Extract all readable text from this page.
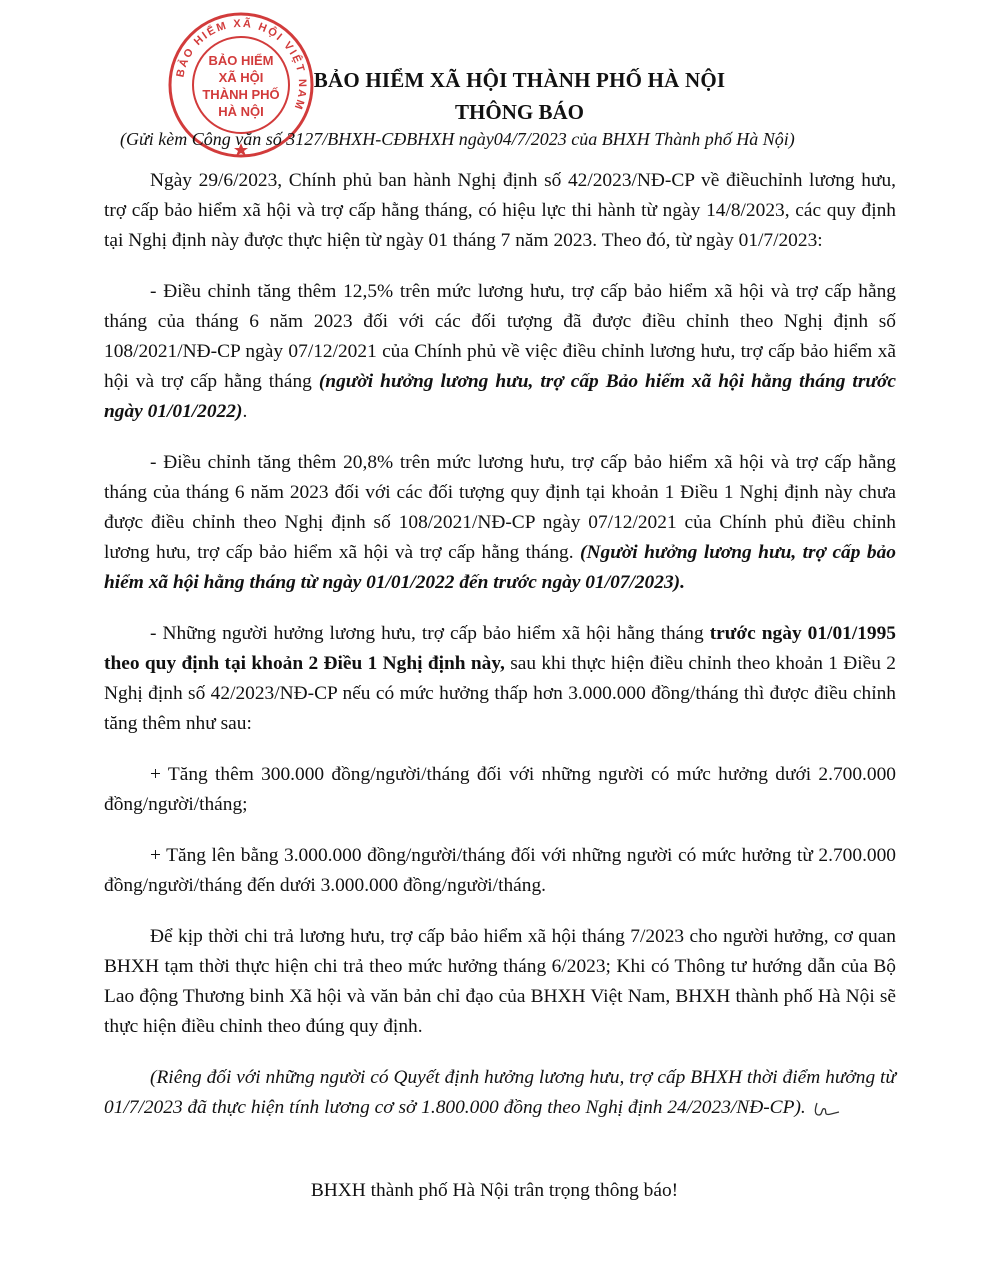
BẢO HIỂM XÃ HỘI VIỆT NAM
BẢO HIỂM
XÃ HỘI
THÀNH PHỐ
HÀ NỘI
BẢO HIỂM XÃ HỘI THÀNH PHỐ HÀ NỘI
THÔNG BÁO
(Gửi kèm Công văn số 3127/BHXH-CĐBHXH ngày04/7/2023 của BHXH Thành phố Hà Nội)

Ngày 29/6/2023, Chính phủ ban hành Nghị định số 42/2023/NĐ-CP về điềuchỉnh lương hưu, trợ cấp bảo hiểm xã hội và trợ cấp hằng tháng, có hiệu lực thi hành từ ngày 14/8/2023, các quy định tại Nghị định này được thực hiện từ ngày 01 tháng 7 năm 2023. Theo đó, từ ngày 01/7/2023:

- Điều chỉnh tăng thêm 12,5% trên mức lương hưu, trợ cấp bảo hiểm xã hội và trợ cấp hằng tháng của tháng 6 năm 2023 đối với các đối tượng đã được điều chỉnh theo Nghị định số 108/2021/NĐ-CP ngày 07/12/2021 của Chính phủ về việc điều chỉnh lương hưu, trợ cấp bảo hiểm xã hội và trợ cấp hằng tháng (người hưởng lương hưu, trợ cấp Bảo hiểm xã hội hằng tháng trước ngày 01/01/2022).

- Điều chỉnh tăng thêm 20,8% trên mức lương hưu, trợ cấp bảo hiểm xã hội và trợ cấp hằng tháng của tháng 6 năm 2023 đối với các đối tượng quy định tại khoản 1 Điều 1 Nghị định này chưa được điều chỉnh theo Nghị định số 108/2021/NĐ-CP ngày 07/12/2021 của Chính phủ điều chỉnh lương hưu, trợ cấp bảo hiểm xã hội và trợ cấp hằng tháng. (Người hưởng lương hưu, trợ cấp bảo hiểm xã hội hằng tháng từ ngày 01/01/2022 đến trước ngày 01/07/2023).

- Những người hưởng lương hưu, trợ cấp bảo hiểm xã hội hằng tháng trước ngày 01/01/1995 theo quy định tại khoản 2 Điều 1 Nghị định này, sau khi thực hiện điều chỉnh theo khoản 1 Điều 2 Nghị định số 42/2023/NĐ-CP nếu có mức hưởng thấp hơn 3.000.000 đồng/tháng thì được điều chỉnh tăng thêm như sau:

+ Tăng thêm 300.000 đồng/người/tháng đối với những người có mức hưởng dưới 2.700.000 đồng/người/tháng;

+ Tăng lên bằng 3.000.000 đồng/người/tháng đối với những người có mức hưởng từ 2.700.000 đồng/người/tháng đến dưới 3.000.000 đồng/người/tháng.

Để kịp thời chi trả lương hưu, trợ cấp bảo hiểm xã hội tháng 7/2023 cho người hưởng, cơ quan BHXH tạm thời thực hiện chi trả theo mức hưởng tháng 6/2023; Khi có Thông tư hướng dẫn của Bộ Lao động Thương binh Xã hội và văn bản chỉ đạo của BHXH Việt Nam, BHXH thành phố Hà Nội sẽ thực hiện điều chỉnh theo đúng quy định.

(Riêng đối với những người có Quyết định hưởng lương hưu, trợ cấp BHXH thời điểm hưởng từ 01/7/2023 đã thực hiện tính lương cơ sở 1.800.000 đồng theo Nghị định 24/2023/NĐ-CP).

BHXH thành phố Hà Nội trân trọng thông báo!
